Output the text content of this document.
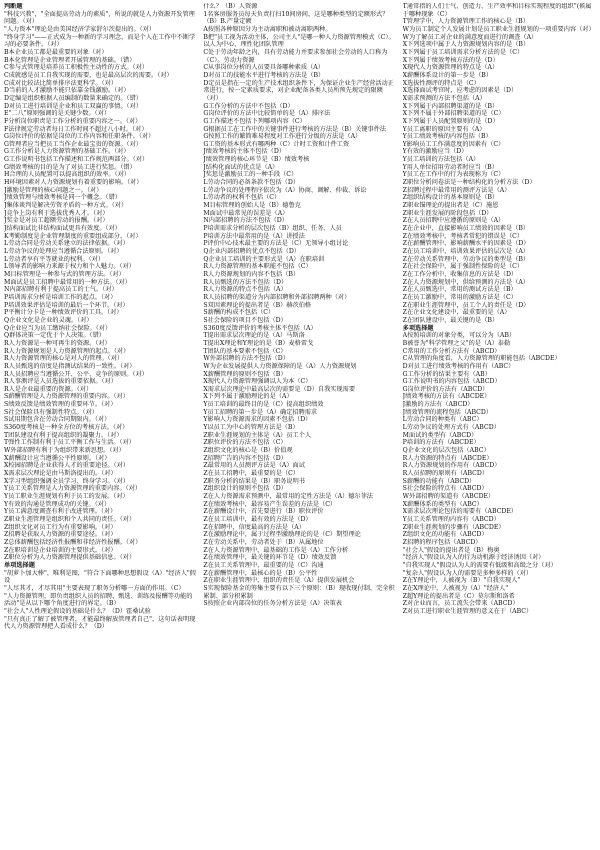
判断题

"科技兴教"，"全面提高劳动力的素质"，所说的就是人力资源开发管理问题。（对）

"人力资本"理论是由美国经济学家舒尔茨提出的。（对）

"终身学习"——正式成为一种新的学习理念，而是个人在工作中不断学习的必要条件。（对）

B本企业员工都是最重要的对象（对）

B本化管理是企业管理者开展管理的基础。（错）

C参与式管理是培养员工积极性主动性的方式。（对）

C成就感是员工自我实现的需要，也是最高层次的需要。（对）

C成对比较法比简单排序法更科学。（对）

D当前的人才激励不能只依靠金钱激励。（对）

D定编是组织根据人员编制的数量来确定的。（错）

D对员工进行培训是企业和员工双赢的事情。（对）

E"二八"原则强调的是关键少数。（对）

F分析岗位职责是工作分析的重要内容之一。（对）

F法律规定劳动者每日工作时间不超过八小时。（对）

G岗位评价的依据是岗位的工作内容和任职条件。（对）

G管理者应当把员工当作企业最宝贵的资源。（对）

G工作分析是人力资源管理的基础工作。（对）

G工作说明书包括工作描述和工作规范两部分。（对）

G绩效考核的目的是为了对员工进行奖惩。（错）

H合理的人员配置可以提高组织的效率。（对）

H环境因素对人力资源规划有着重要的影响。（对）

J激励是管理的核心问题之一。（对）

J绩效管理与绩效考核是同一个概念。（错）

J集体谈判是解决劳资矛盾的一种方式。（对）

J竞争上岗有利于选拔优秀人才。（对）

J奖金是对员工超额劳动的报酬。（对）

J结构面试比非结构面试更具有效度。（对）

K考勤制度是企业管理制度的重要组成部分。（对）

L劳动合同是劳动关系建立的法律依据。（对）

L劳动争议的处理应当遵循合法原则。（对）

L劳动者享有平等就业的权利。（对）

L领导者的影响力来源于权力和个人魅力。（对）

M目标管理是一种参与式的管理方法。（对）

M面试是员工招聘中最常用的一种方法。（对）

N内部招聘有利于提高员工的士气。（对）

P培训需求分析是培训工作的起点。（对）

P培训效果评估是培训的最后一个环节。（对）

P平衡计分卡是一种绩效评价的工具。（对）

Q企业文化是企业的灵魂。（对）

Q企业应当为员工缴纳社会保险。（对）

Q群体决策一定优于个人决策。（错）

R人力资源是一种可再生的资源。（对）

R人力资源规划是人力资源管理的起点。（对）

R人力资源管理的核心是对人的管理。（对）

R人员甄选的信度是指测试结果的一致性。（对）

R人员招聘应当遵循公开、公平、竞争的原则。（对）

R人事测评是人员选拔的重要依据。（对）

R人是企业最重要的资源。（对）

S薪酬管理是人力资源管理的重要内容。（对）

S绩效反馈是绩效管理的重要环节。（对）

S社会保险具有强制性特点。（对）

S试用期包含在劳动合同期限内。（对）

S360度考核是一种全方位的考核方法。（对）

T团队建设有利于提高组织的凝聚力。（对）

T弹性工作制有利于员工平衡工作与生活。（对）

W外部招聘有利于为组织带来新思想。（对）

X薪酬设计应当遵循公平性原则。（对）

X校园招聘是企业获得人才的重要途径。（对）

X需求层次理论是由马斯洛提出的。（对）

X学习型组织强调全员学习、终身学习。（对）

Y员工关系管理是人力资源管理的重要内容。（对）

Y员工职业生涯规划有利于员工的发展。（对）

Y有效的沟通是管理成功的关键。（对）

Y员工满意度调查有利于改进管理。（对）

Z职业生涯管理是组织和个人共同的责任。（对）

Z组织文化对员工行为有重要影响。（对）

Z招聘是获取人力资源的重要途径。（对）

Z总体薪酬包括经济性报酬和非经济性报酬。（对）

Z在职培训是企业培训的主要形式。（对）

Z职位分析为人力资源管理提供基础信息。（对）

单项选择题

"胡萝卜加大棒"，唯利是图，"符合下面哪种思想假设（A）"经济人"假设

"人尽其才，才尽其用"主要表现了职务分析哪一方面的作用。（C）

"人力资源管理，即负责组织人员的招聘、甄选、训练及报酬等功能的活动"是从以下哪个角度进行的界定。（B）

"社会人"人性理论假设的基础是什么？（D）霍桑试验

"只有真正了解了被管理者，才能最终解放管理者自己"，这句话表明现代人力资源管理把人看成什么？（D）

什么？（B）人资源

1名客房服务员每天负责打扫10间房间，这是哪种类型的定额形式？（B）B.产量定额

A按照各种原因分为主动离职和被动离职两种。

B把"员工视为活动主体，公司主人"是哪一种人力资源管理模式（C）。以人为中心、理性化团队管理

C处于劳动年龄之内，具有劳动能力并要求参加社会劳动的人口称为（C）。劳动力资源

C从事岗位分析的人员要具备哪种素质（A）

D对员工的技能水平进行考核的方法是（B）

D定员是指在一定的生产技术组织条件下，为保证企业生产经营活动正常进行，按一定素质要求，对企业配备各类人员所预先规定的限额（对）

G工作分析的方法中不包括（D）

G岗位评价的方法中比较简单的是（A）排序法

G工作描述不包括下列哪项内容（C）

G根据员工在工作中的关键事件进行考核的方法是（B）关键事件法

G按照工作的繁简难易程度对工作进行分级的方法是（A）

G工资的基本形式有哪两种（C）计时工资和计件工资

J绩效考核的主体不包括（D）

J绩效管理的核心环节是（B）绩效考核

J结构化面试的优点是（A）

J奖惩是激励员工的一种手段（C）

L劳动合同的必备条款不包括（D）

L劳动争议的处理程序依次为（A）协商、调解、仲裁、诉讼

L劳动者的权利不包括（C）

M目标管理的创始人是（B）德鲁克

M面试中最常见的误差是（A）

N内部招聘的方法不包括（D）

P培训需求分析的层次包括（B）组织、任务、人员

P培训方法中最常用的是（A）讲授法

P评价中心技术最主要的方法是（C）无领导小组讨论

Q企业内部招聘的优点不包括（D）

Q企业员工培训的主要形式是（A）在职培训

R人力资源管理的基本职能不包括（C）

R人力资源规划的内容不包括（B）

R人员甄选的方法不包括（D）

R人力资源的特点不包括（A）

R人员招聘的渠道分为内部招聘和外部招聘两种（对）

S双因素理论的提出者是（B）赫茨伯格

S薪酬的构成不包括（C）

S社会保险的项目不包括（D）

S360度反馈评价的考核主体不包括（A）

T提出需求层次理论的是（A）马斯洛

T提出X理论和Y理论的是（B）麦格雷戈

T团队的基本要素不包括（C）

W外部招聘的方法不包括（D）

W为企业发展提供人力资源保障的是（A）人力资源规划

X薪酬管理的原则不包括（B）

X现代人力资源管理强调以人为本（C）

X需求层次理论中最高层次的需要是（D）自我实现需要

X下列不属于激励理论的是（A）

Y员工培训的最终目的是（C）提高组织绩效

Y员工招聘的第一步是（A）确定招聘需求

Y影响人力资源需求的因素不包括（D）

Y以员工为中心的管理方法是（B）

Z职业生涯规划的主体是（A）员工个人

Z职位评价的方法不包括（C）

Z组织文化的核心是（B）价值观

Z招聘广告的内容不包括（D）

Z最常用的人员测评方法是（A）面试

Z在员工招聘中，最重要的是（C）

Z职务分析的结果是（B）职务说明书

Z组织设计的原则不包括（D）

Z在人力资源需求预测中，最常用的定性方法是（A）德尔菲法

Z在绩效考核中，最容易产生误差的方法是（C）

Z在薪酬设计中，首先要进行（B）职位评价

Z在员工培训中，最有效的方法是（D）

Z在招聘中，信度最高的方法是（A）

Z在激励理论中，属于过程型激励理论的是（C）期望理论

Z在劳动关系中，劳动者处于（B）从属地位

Z在人力资源管理中，最基础的工作是（A）工作分析

Z在绩效管理中，最关键的环节是（D）绩效反馈

Z在员工关系管理中，最重要的是（C）沟通

Z在薪酬管理中，最核心的是（B）公平性

Z在职业生涯管理中，组织的责任是（A）提供发展机会

S实现保险基金的筹集主要有以下三个原则：（B）现收现付制、完全积累制、部分积累制

S按照企业内部岗位的任务分析方法是（A）决策表

T通常指的人们士气、创造力、生产效率和目标实现程度的组织"(候属于哪种现象（C）

T管理学中，人力资源管理工作的核心是（B）

W为员工制定个人发展计划是员工职业生涯规划的一项重要内容（对）

W为了解员工对企业的满意度而进行的调查（A）

X下列选项中属于人力资源规划内容的是（B）

X下列属于员工培训需求分析方法的是（C）

X下列属于绩效考核方法的是（D）

X现代人力资源管理的特点是（A）

X薪酬体系设计的第一步是（B）

X选拔性测评的特点是（C）

X选择面试考官时，应考虑的因素是（D）

X需求预测的方法不包括（A）

X下列属于内部招聘渠道的是（B）

X下列不属于外部招聘渠道的是（C）

X下列属于人员配置原则的是（D）

Y员工离职的原因主要有（A）

Y员工绩效考核的内容包括（B）

Y影响员工工作满意度的因素有（C）

Y有效的激励应当（D）

Y员工培训的方法包括（A）

Y用人单位招用劳动者时应当（B）

Y员工在工作中的行为表现称为（C）

Z职位分析问卷法是一种结构化的分析方法（D）

Z招聘过程中最常用的测评方法是（A）

Z组织结构设计的基本原则是（B）

Z职业锚理论的提出者是（C）施恩

Z职业生涯发展的阶段包括（D）

Z在人员招聘中应遵循的原则是（A）

Z在企业中，直接影响员工绩效的因素是（B）

Z在绩效考核中，考核者常犯的错误是（C）

Z在薪酬管理中，影响薪酬水平的因素是（D）

Z在员工培训中，培训效果评估的层次是（A）

Z在劳动关系管理中，劳动争议的类型是（B）

Z在社会保险中，属于强制性保险的是（C）

Z在工作分析中，收集信息的方法是（D）

Z在人力资源规划中，供给预测的方法是（A）

Z在人员甄选中，常用的测试方法是（B）

Z在员工激励中，常用的激励方法是（C）

Z在职业生涯管理中，员工个人的责任是（D）

Z在企业文化建设中，最重要的是（A）

Z在团队建设中，最关键的是（B）

多项选择题

A按照培训的对象分类，可以分为（AB）

B被誉为"科学管理之父"的是（A）泰勒

C常用的工作分析方法有（ABCD）

C从管理的角度看，人力资源管理的职能包括（ABCDE）

D对员工进行绩效考核的作用有（ABC）

G工作分析的结果主要有（AB）

G工作说明书的内容包括（ABCD）

G岗位评价的方法有（ABCD）

J绩效考核的方法有（ABCDE）

J激励的方法有（ABCD）

J绩效管理的流程包括（ABCD）

L劳动合同的种类有（ABC）

L劳动争议的处理方式有（ABCD）

M面试的类型有（ABCD）

P培训的方法有（ABCDE）

Q企业文化的层次包括（ABC）

R人力资源的特点有（ABCDE）

R人力资源规划的作用有（ABCD）

R人员招聘的原则有（ABCD）

S薪酬的功能有（ABCD）

S社会保险的特点有（ABCD）

W外部招聘的渠道有（ABCDE）

X薪酬体系的类型有（ABC）

X需求层次理论包括的需要有（ABCDE）

Y员工关系管理的内容有（ABCD）

Z职业生涯规划的步骤有（ABCDE）

Z组织文化的功能有（ABCD）

Z招聘的程序包括（ABCD）

"社会人"假设的提出者是（B）梅奥

"经济人"假设认为人的行为动机源于经济诱因（对）

"自我实现人"假设认为人的需要有低级和高级之分（对）

"复杂人"假设认为人的需要是多种多样的（对）

Z在Y理论中，人被视为（B）"自我实现人"

Z在X理论中，人被视为（A）"经济人"

Z超Y理论的提出者是（C）莫尔斯和洛希

Z对企业而言，员工流失会带来（ABCD）

Z对员工进行职业生涯管理的意义在于（ABC）
